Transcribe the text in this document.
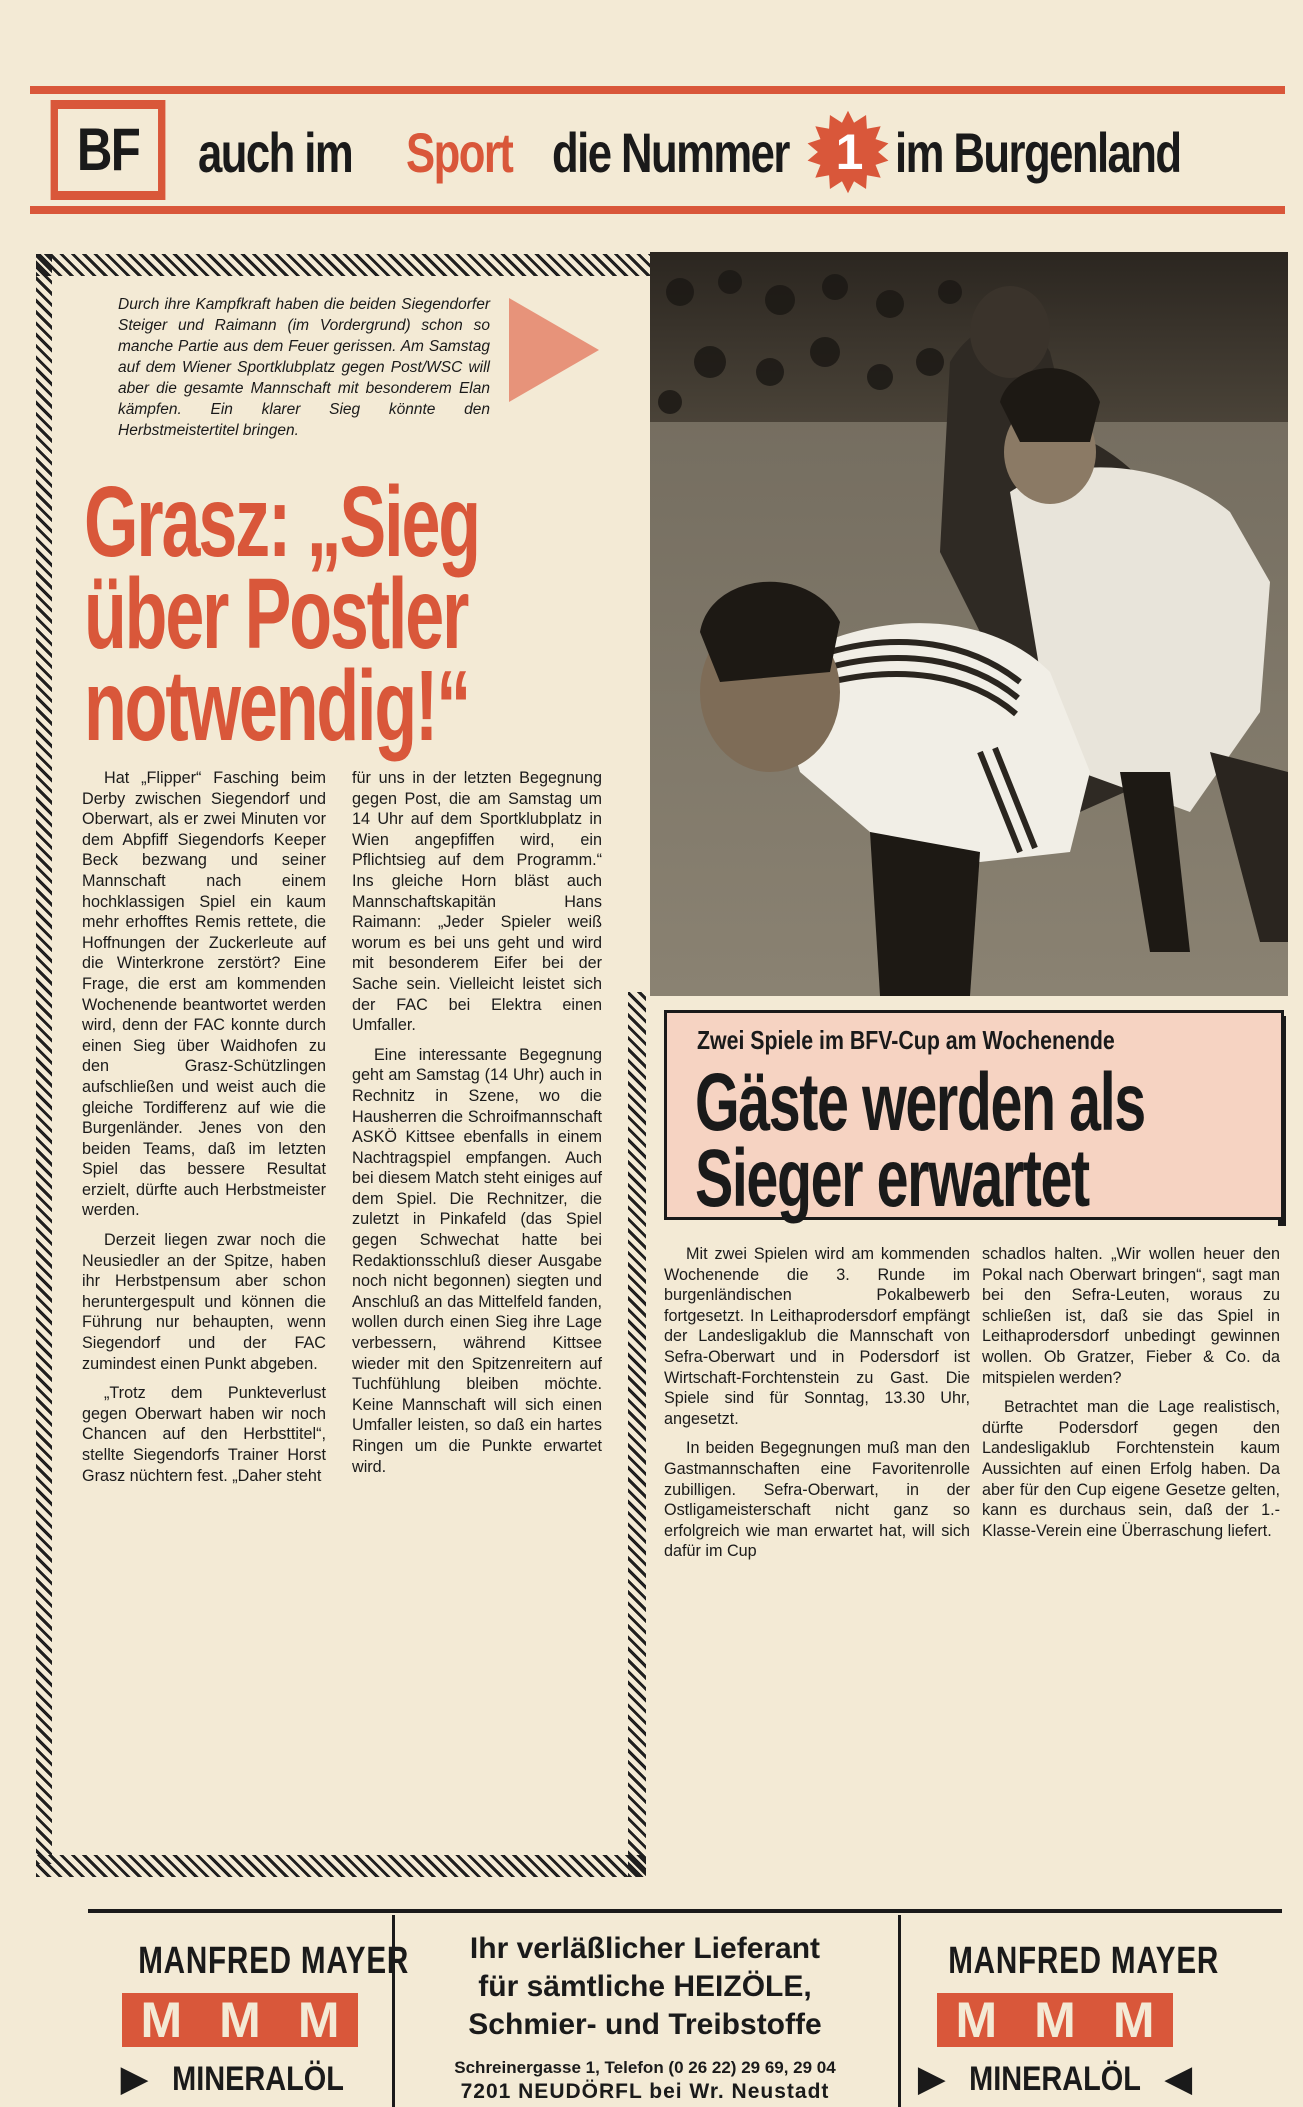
BF	auch im Sport die Nummer 1 im Burgenland
Durch ihre Kampfkraft haben die beiden Siegendorfer Steiger und Raimann (im Vordergrund) schon so manche Partie aus dem Feuer gerissen. Am Samstag auf dem Wiener Sportklubplatz gegen Post/WSC will aber die gesamte Mannschaft mit besonderem Elan kämpfen. Ein klarer Sieg könnte den Herbstmeistertitel bringen.
Grasz: „Sieg
über Postler
notwendig!“

Hat „Flipper“ Fasching beim Derby zwischen Siegendorf und Oberwart, als er zwei Minuten vor dem Abpfiff Siegendorfs Keeper Beck bezwang und seiner Mannschaft nach einem hochklassigen Spiel ein kaum mehr erhofftes Remis rettete, die Hoffnungen der Zuckerleute auf die Winterkrone zerstört? Eine Frage, die erst am kommenden Wochenende beantwortet werden wird, denn der FAC konnte durch einen Sieg über Waidhofen zu den Grasz-Schützlingen aufschließen und weist auch die gleiche Tordifferenz auf wie die Burgenländer. Jenes von den beiden Teams, daß im letzten Spiel das bessere Resultat erzielt, dürfte auch Herbstmeister werden.

Derzeit liegen zwar noch die Neusiedler an der Spitze, haben ihr Herbstpensum aber schon heruntergespult und können die Führung nur behaupten, wenn Siegendorf und der FAC zumindest einen Punkt abgeben.

„Trotz dem Punkteverlust gegen Oberwart haben wir noch Chancen auf den Herbsttitel“, stellte Siegendorfs Trainer Horst Grasz nüchtern fest. „Daher steht

für uns in der letzten Begegnung gegen Post, die am Samstag um 14 Uhr auf dem Sportklubplatz in Wien angepfiffen wird, ein Pflichtsieg auf dem Programm.“ Ins gleiche Horn bläst auch Mannschaftskapitän Hans Raimann: „Jeder Spieler weiß worum es bei uns geht und wird mit besonderem Eifer bei der Sache sein. Vielleicht leistet sich der FAC bei Elektra einen Umfaller.

Eine interessante Begegnung geht am Samstag (14 Uhr) auch in Rechnitz in Szene, wo die Hausherren die Schroifmannschaft ASKÖ Kittsee ebenfalls in einem Nachtragspiel empfangen. Auch bei diesem Match steht einiges auf dem Spiel. Die Rechnitzer, die zuletzt in Pinkafeld (das Spiel gegen Schwechat hatte bei Redaktionsschluß dieser Ausgabe noch nicht begonnen) siegten und Anschluß an das Mittelfeld fanden, wollen durch einen Sieg ihre Lage verbessern, während Kittsee wieder mit den Spitzenreitern auf Tuchfühlung bleiben möchte. Keine Mannschaft will sich einen Umfaller leisten, so daß ein hartes Ringen um die Punkte erwartet wird.

Zwei Spiele im BFV-Cup am Wochenende
Gäste werden als
Sieger erwartet

Mit zwei Spielen wird am kommenden Wochenende die 3. Runde im burgenländischen Pokalbewerb fortgesetzt. In Leithaprodersdorf empfängt der Landesligaklub die Mannschaft von Sefra-Oberwart und in Podersdorf ist Wirtschaft-Forchtenstein zu Gast. Die Spiele sind für Sonntag, 13.30 Uhr, angesetzt.

In beiden Begegnungen muß man den Gastmannschaften eine Favoritenrolle zubilligen. Sefra-Oberwart, in der Ostligameisterschaft nicht ganz so erfolgreich wie man erwartet hat, will sich dafür im Cup

schadlos halten. „Wir wollen heuer den Pokal nach Oberwart bringen“, sagt man bei den Sefra-Leuten, woraus zu schließen ist, daß sie das Spiel in Leithaprodersdorf unbedingt gewinnen wollen. Ob Gratzer, Fieber & Co. da mitspielen werden?

Betrachtet man die Lage realistisch, dürfte Podersdorf gegen den Landesligaklub Forchtenstein kaum Aussichten auf einen Erfolg haben. Da aber für den Cup eigene Gesetze gelten, kann es durchaus sein, daß der 1.-Klasse-Verein eine Überraschung liefert.

MANFRED MAYER
M M M
▶ MINERALÖL
Ihr verläßlicher Lieferant
für sämtliche HEIZÖLE,
Schmier- und Treibstoffe
Schreinergasse 1, Telefon (0 26 22) 29 69, 29 04
7201 NEUDÖRFL bei Wr. Neustadt
MANFRED MAYER
M M M
▶ MINERALÖL ◀
